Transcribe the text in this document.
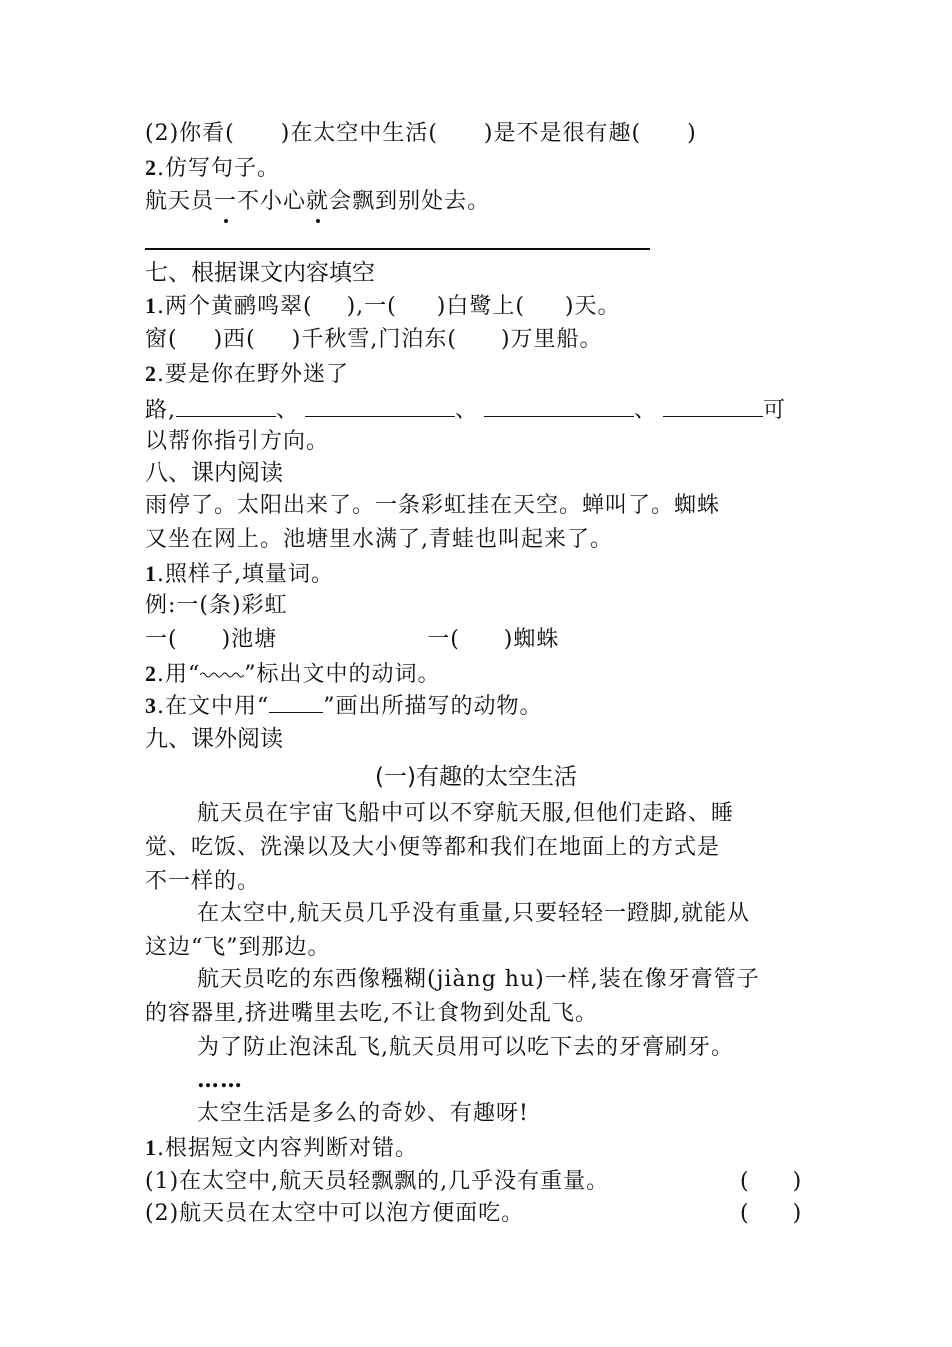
(2)你看(　　)在太空中生活(　　)是不是很有趣(　　)
2.仿写句子。
航天员一不小心就会飘到别处去。
七、根据课文内容填空
1.两个黄鹂鸣翠( ),一( )白鹭上( )天。
窗( )西( )千秋雪,门泊东( )万里船。
2.要是你在野外迷了
路,	、	、	、	可
以帮你指引方向。
八、课内阅读
雨停了。太阳出来了。一条彩虹挂在天空。蝉叫了。蜘蛛
又坐在网上。池塘里水满了,青蛙也叫起来了。
1.照样子,填量词。
例:一(条)彩虹
一( )池塘	一( )蜘蛛
2.用“ ”标出文中的动词。
3.在文中用“ ”画出所描写的动物。
九、课外阅读
(一)有趣的太空生活
航天员在宇宙飞船中可以不穿航天服,但他们走路、睡
觉、吃饭、洗澡以及大小便等都和我们在地面上的方式是
不一样的。
在太空中,航天员几乎没有重量,只要轻轻一蹬脚,就能从
这边“飞”到那边。
航天员吃的东西像糨糊(jiàng hu)一样,装在像牙膏管子
的容器里,挤进嘴里去吃,不让食物到处乱飞。
为了防止泡沫乱飞,航天员用可以吃下去的牙膏刷牙。
……
太空生活是多么的奇妙、有趣呀!
1.根据短文内容判断对错。
(1)在太空中,航天员轻飘飘的,几乎没有重量。	(　　)
(2)航天员在太空中可以泡方便面吃。	(　　)
